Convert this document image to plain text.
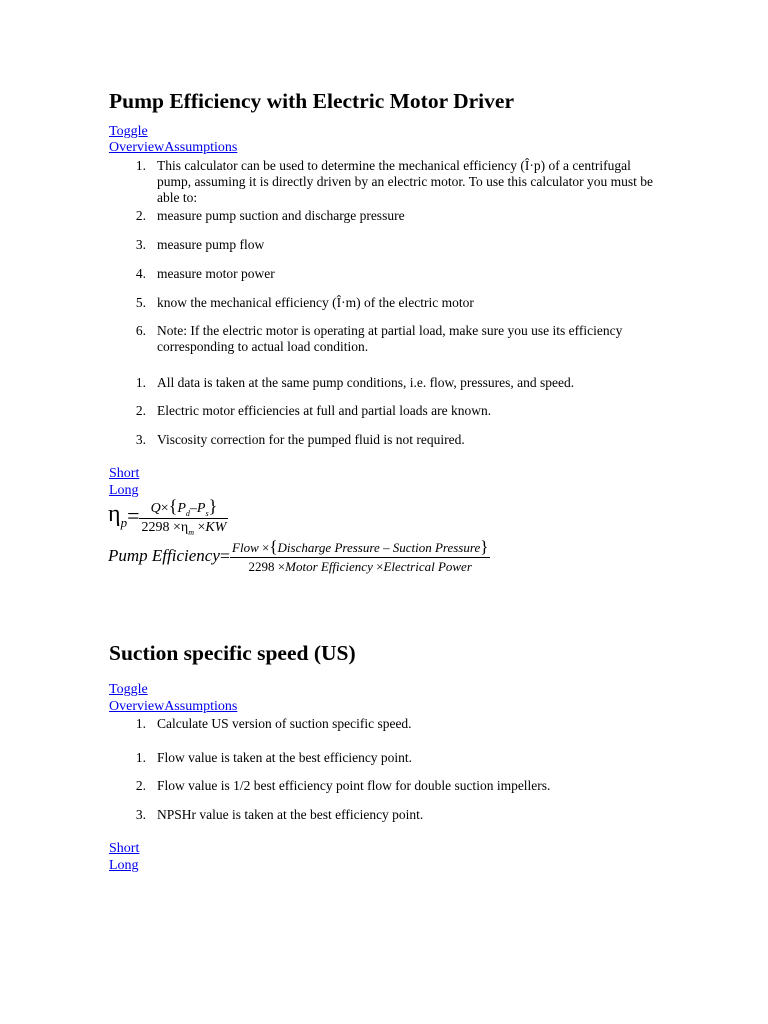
Pump Efficiency with Electric Motor Driver
Toggle
OverviewAssumptions
1. This calculator can be used to determine the mechanical efficiency (Î·p) of a centrifugal pump, assuming it is directly driven by an electric motor. To use this calculator you must be able to:
2. measure pump suction and discharge pressure
3. measure pump flow
4. measure motor power
5. know the mechanical efficiency (Î·m) of the electric motor
6. Note: If the electric motor is operating at partial load, make sure you use its efficiency corresponding to actual load condition.
1. All data is taken at the same pump conditions, i.e. flow, pressures, and speed.
2. Electric motor efficiencies at full and partial loads are known.
3. Viscosity correction for the pumped fluid is not required.
Short
Long
$\eta_p= \frac{Q\times\{P_d-P_s\}}{2298 \times\eta_m \times KW}$
Pump Efficiency= $\frac{\text{Flow ×\{Discharge Pressure – Suction Pressure\}}}{\text{2298 ×Motor Efficiency ×Electrical Power}}$
Suction specific speed (US)
Toggle
OverviewAssumptions
1. Calculate US version of suction specific speed.
1. Flow value is taken at the best efficiency point.
2. Flow value is 1/2 best efficiency point flow for double suction impellers.
3. NPSHr value is taken at the best efficiency point.
Short
Long
